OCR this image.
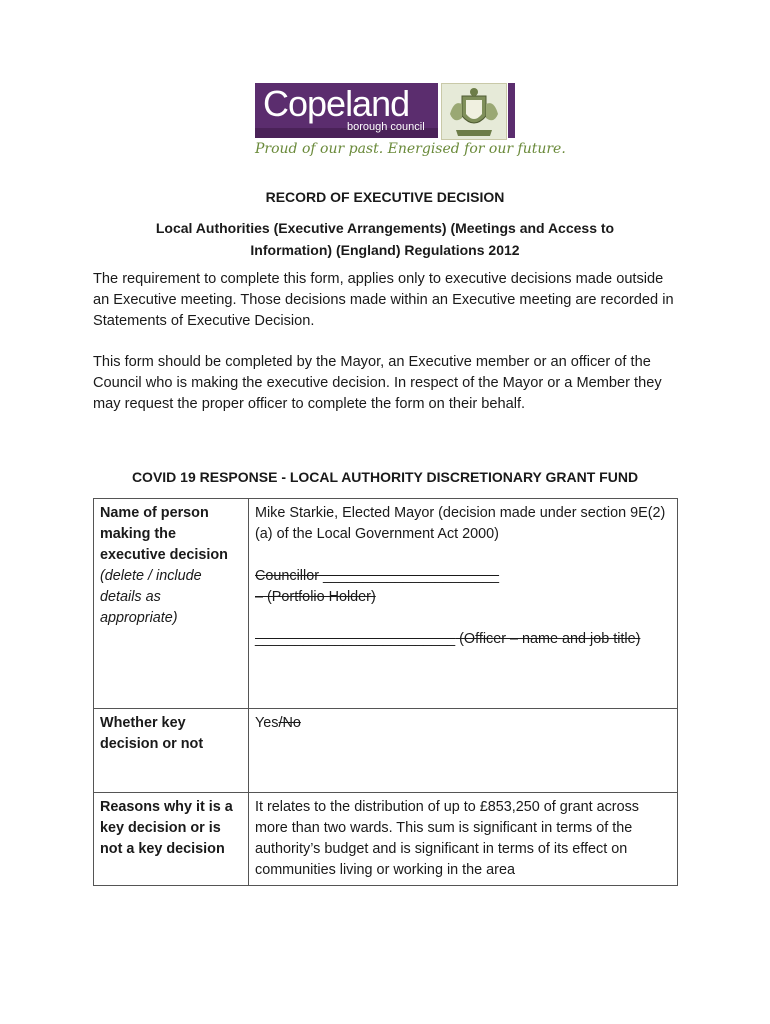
Copeland
borough council
Proud of our past. Energised for our future.
RECORD OF EXECUTIVE DECISION
Local Authorities (Executive Arrangements) (Meetings and Access to
Information) (England) Regulations 2012

The requirement to complete this form, applies only to executive decisions made outside an Executive meeting. Those decisions made within an Executive meeting are recorded in Statements of Executive Decision.

This form should be completed by the Mayor, an Executive member or an officer of the Council who is making the executive decision. In respect of the Mayor or a Member they may request the proper officer to complete the form on their behalf.

COVID 19 RESPONSE - LOCAL AUTHORITY DISCRETIONARY GRANT FUND
Name of person making the executive decision (delete / include details as appropriate)	Mike Starkie, Elected Mayor (decision made under section 9E(2)(a) of the Local Government Act 2000)
Councillor ______________________
– (Portfolio Holder)
_________________________ (Officer – name and job title)

Whether key decision or not	Yes/No
Reasons why it is a key decision or is not a key decision	It relates to the distribution of up to £853,250 of grant across more than two wards. This sum is significant in terms of the authority’s budget and is significant in terms of its effect on communities living or working in the area
